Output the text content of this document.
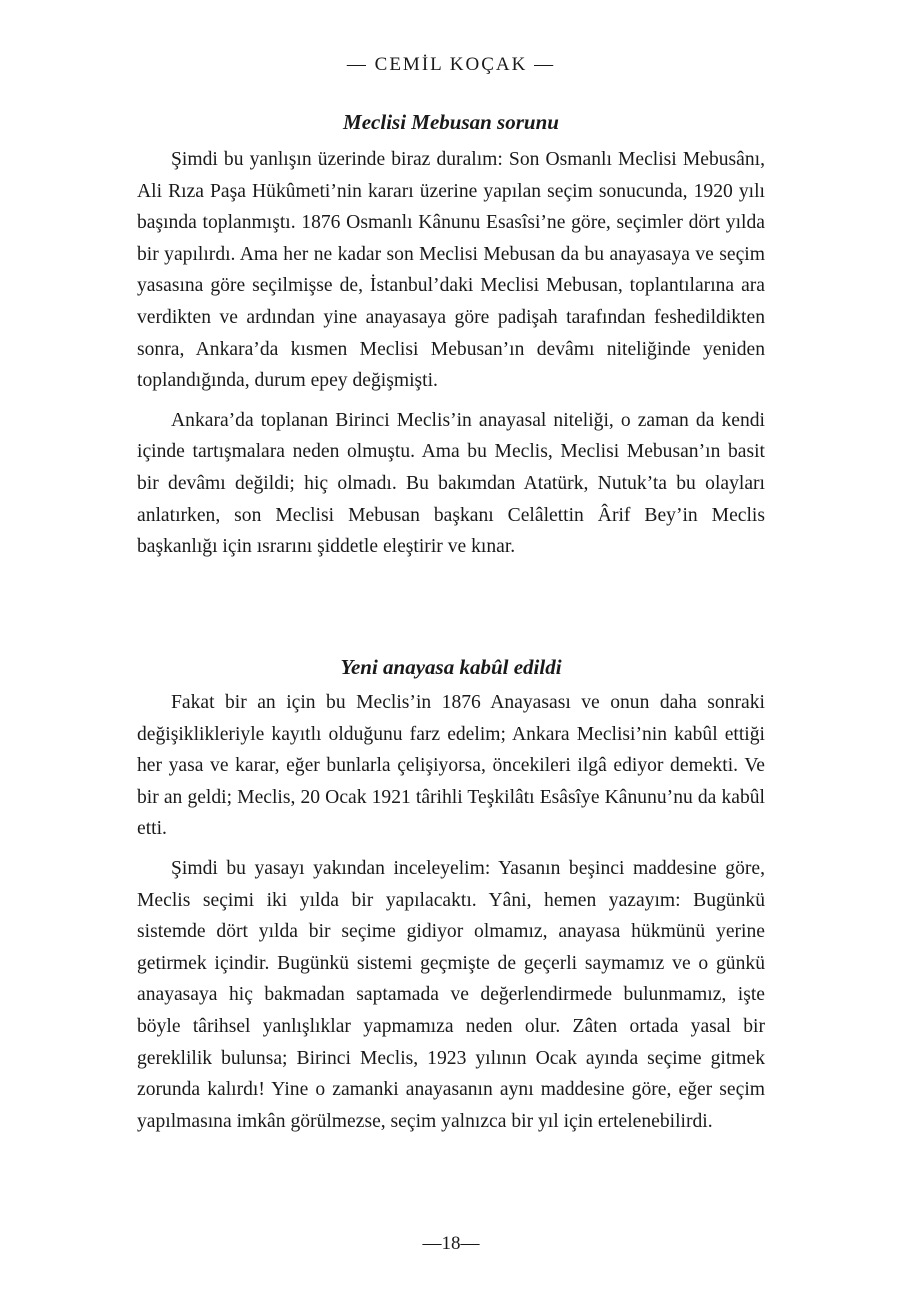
— CEMİL KOÇAK —
Meclisi Mebusan sorunu

Şimdi bu yanlışın üzerinde biraz duralım: Son Osmanlı Meclisi Mebusânı, Ali Rıza Paşa Hükûmeti’nin kararı üzerine yapılan seçim sonucunda, 1920 yılı başında toplanmıştı. 1876 Osmanlı Kânunu Esasîsi’ne göre, seçimler dört yılda bir yapılırdı. Ama her ne kadar son Meclisi Mebusan da bu anayasaya ve seçim yasasına göre seçilmişse de, İstanbul’daki Meclisi Mebusan, toplantılarına ara verdikten ve ardından yine anayasaya göre padişah tarafından feshedildikten sonra, Ankara’da kısmen Meclisi Mebusan’ın devâmı niteliğinde yeniden toplandığında, durum epey değişmişti.

Ankara’da toplanan Birinci Meclis’in anayasal niteliği, o zaman da kendi içinde tartışmalara neden olmuştu. Ama bu Meclis, Meclisi Mebusan’ın basit bir devâmı değildi; hiç olmadı. Bu bakımdan Atatürk, Nutuk’ta bu olayları anlatırken, son Meclisi Mebusan başkanı Celâlettin Ârif Bey’in Meclis başkanlığı için ısrarını şiddetle eleştirir ve kınar.

Yeni anayasa kabûl edildi

Fakat bir an için bu Meclis’in 1876 Anayasası ve onun daha sonraki değişiklikleriyle kayıtlı olduğunu farz edelim; Ankara Meclisi’nin kabûl ettiği her yasa ve karar, eğer bunlarla çelişiyorsa, öncekileri ilgâ ediyor demekti. Ve bir an geldi; Meclis, 20 Ocak 1921 târihli Teşkilâtı Esâsîye Kânunu’nu da kabûl etti.

Şimdi bu yasayı yakından inceleyelim: Yasanın beşinci maddesine göre, Meclis seçimi iki yılda bir yapılacaktı. Yâni, hemen yazayım: Bugünkü sistemde dört yılda bir seçime gidiyor olmamız, anayasa hükmünü yerine getirmek içindir. Bugünkü sistemi geçmişte de geçerli saymamız ve o günkü anayasaya hiç bakmadan saptamada ve değerlendirmede bulunmamız, işte böyle târihsel yanlışlıklar yapmamıza neden olur. Zâten ortada yasal bir gereklilik bulunsa; Birinci Meclis, 1923 yılının Ocak ayında seçime gitmek zorunda kalırdı! Yine o zamanki anayasanın aynı maddesine göre, eğer seçim yapılmasına imkân görülmezse, seçim yalnızca bir yıl için ertelenebilirdi.

—18—
